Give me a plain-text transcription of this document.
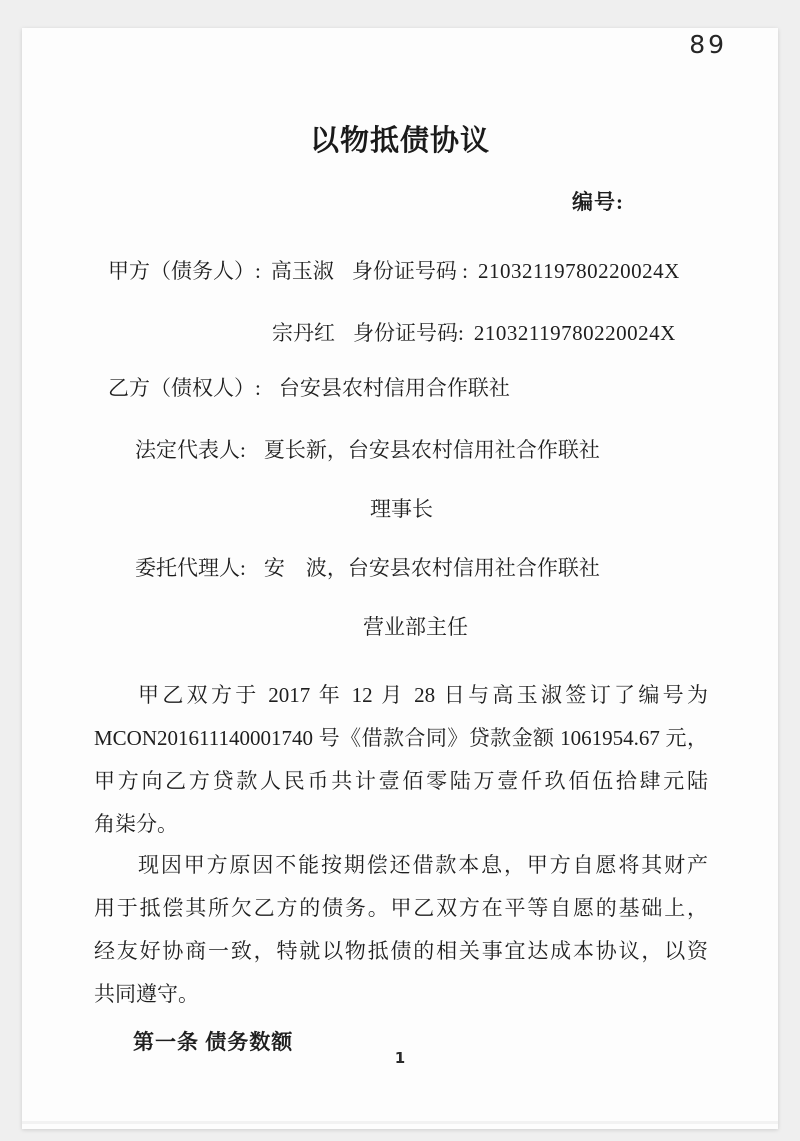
89
以物抵债协议
编号:
甲方（债务人）: 高玉淑 身份证号码 : 21032119780220024X
宗丹红 身份证号码: 21032119780220024X
乙方（债权人）: 台安县农村信用合作联社
法定代表人: 夏长新，台安县农村信用社合作联社
理事长
委托代理人: 安　波，台安县农村信用社合作联社
营业部主任
甲乙双方于 2017 年 12 月 28 日与高玉淑签订了编号为
MCON201611140001740 号《借款合同》贷款金额 1061954.67 元，
甲方向乙方贷款人民币共计壹佰零陆万壹仟玖佰伍拾肆元陆
角柒分。
现因甲方原因不能按期偿还借款本息，甲方自愿将其财产
用于抵偿其所欠乙方的债务。甲乙双方在平等自愿的基础上，
经友好协商一致，特就以物抵债的相关事宜达成本协议，以资
共同遵守。
第一条 债务数额
1
